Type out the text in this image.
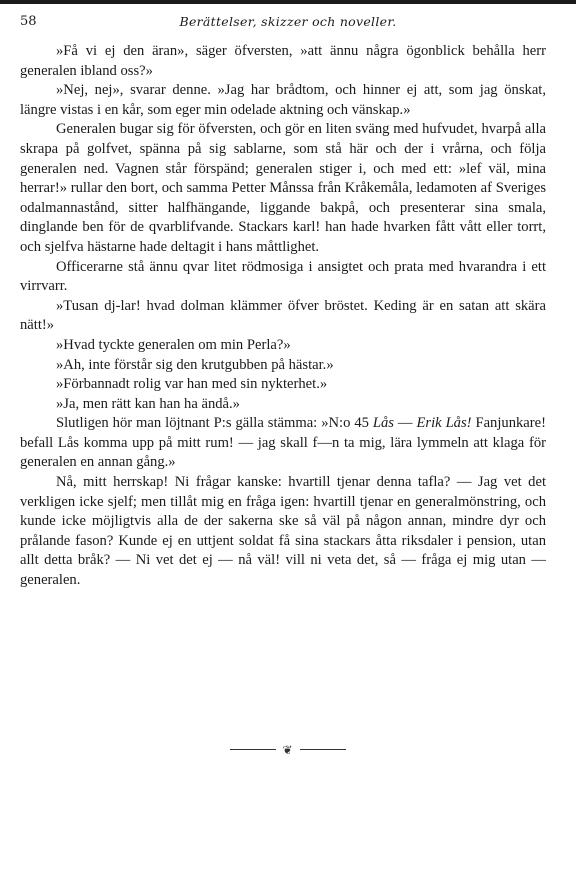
58	Berättelser, skizzer och noveller.

»Få vi ej den äran», säger öfversten, »att ännu några ögonblick behålla herr generalen ibland oss?»

»Nej, nej», svarar denne. »Jag har brådtom, och hinner ej att, som jag önskat, längre vistas i en kår, som eger min odelade aktning och vänskap.»

Generalen bugar sig för öfversten, och gör en liten sväng med hufvudet, hvarpå alla skrapa på golfvet, spänna på sig sablarne, som stå här och der i vrårna, och följa generalen ned. Vagnen står förspänd; generalen stiger i, och med ett: »lef väl, mina herrar!» rullar den bort, och samma Petter Månssa från Kråkemåla, ledamoten af Sveriges odalmannastånd, sitter halfhängande, liggande bakpå, och presenterar sina smala, dinglande ben för de qvarblifvande. Stackars karl! han hade hvarken fått vått eller torrt, och sjelfva hästarne hade deltagit i hans måttlighet.

Officerarne stå ännu qvar litet rödmosiga i ansigtet och prata med hvarandra i ett virrvarr.

»Tusan dj-lar! hvad dolman klämmer öfver bröstet. Keding är en satan att skära nätt!»

»Hvad tyckte generalen om min Perla?»

»Ah, inte förstår sig den krutgubben på hästar.»

»Förbannadt rolig var han med sin nykterhet.»

»Ja, men rätt kan han ha ändå.»

Slutligen hör man löjtnant P:s gälla stämma: »N:o 45 Lås — Erik Lås! Fanjunkare! befall Lås komma upp på mitt rum! — jag skall f—n ta mig, lära lymmeln att klaga för generalen en annan gång.»

Nå, mitt herrskap! Ni frågar kanske: hvartill tjenar denna tafla? — Jag vet det verkligen icke sjelf; men tillåt mig en fråga igen: hvartill tjenar en generalmönstring, och kunde icke möjligtvis alla de der sakerna ske så väl på någon annan, mindre dyr och prålande fason? Kunde ej en uttjent soldat få sina stackars åtta riksdaler i pension, utan allt detta bråk? — Ni vet det ej — nå väl! vill ni veta det, så — fråga ej mig utan — generalen.

❦
